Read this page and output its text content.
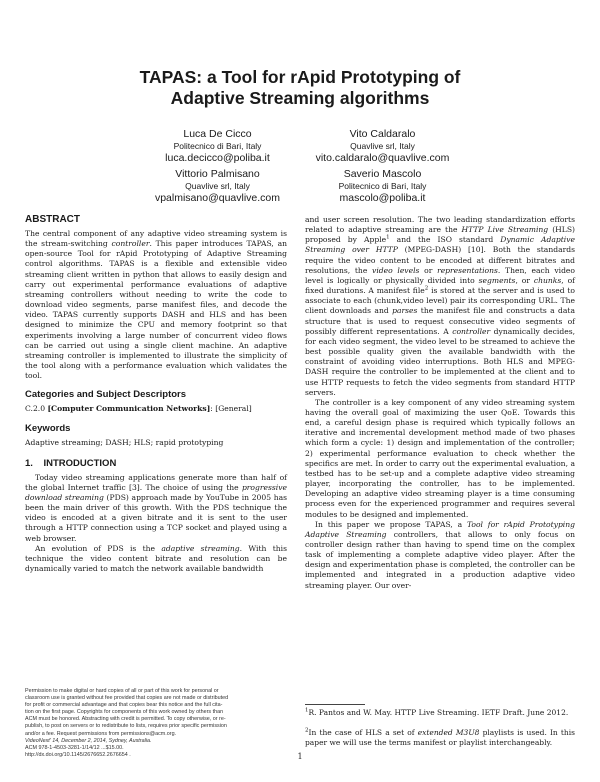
TAPAS: a Tool for rApid Prototyping of
Adaptive Streaming algorithms
Luca De Cicco
Politecnico di Bari, Italy
luca.decicco@poliba.it
Vito Caldaralo
Quavlive srl, Italy
vito.caldaralo@quavlive.com
Vittorio Palmisano
Quavlive srl, Italy
vpalmisano@quavlive.com
Saverio Mascolo
Politecnico di Bari, Italy
mascolo@poliba.it
ABSTRACT

The central component of any adaptive video streaming system is the stream-switching controller. This paper introduces TAPAS, an open-source Tool for rApid Prototyping of Adaptive Streaming control algorithms. TAPAS is a flexible and extensible video streaming client written in python that allows to easily design and carry out experimental performance evaluations of adaptive streaming controllers without needing to write the code to download video segments, parse manifest files, and decode the video. TAPAS currently supports DASH and HLS and has been designed to minimize the CPU and memory footprint so that experiments involving a large number of concurrent video flows can be carried out using a single client machine. An adaptive streaming controller is implemented to illustrate the simplicity of the tool along with a performance evaluation which validates the tool.

Categories and Subject Descriptors

C.2.0 [Computer Communication Networks]: [General]

Keywords

Adaptive streaming; DASH; HLS; rapid prototyping

1.    INTRODUCTION

Today video streaming applications generate more than half of the global Internet traffic [3]. The choice of using the progressive download streaming (PDS) approach made by YouTube in 2005 has been the main driver of this growth. With the PDS technique the video is encoded at a given bitrate and it is sent to the user through a HTTP connection using a TCP socket and played using a web browser.

An evolution of PDS is the adaptive streaming. With this technique the video content bitrate and resolution can be dynamically varied to match the network available bandwidth

Permission to make digital or hard copies of all or part of this work for personal or
classroom use is granted without fee provided that copies are not made or distributed
for profit or commercial advantage and that copies bear this notice and the full cita-
tion on the first page. Copyrights for components of this work owned by others than
ACM must be honored. Abstracting with credit is permitted. To copy otherwise, or re-
publish, to post on servers or to redistribute to lists, requires prior specific permission
and/or a fee. Request permissions from permissions@acm.org.
VideoNext' 14, December 2, 2014, Sydney, Australia.
ACM 978-1-4503-3281-1/14/12 ...$15.00.
http://dx.doi.org/10.1145/2676652.2676654 .

and user screen resolution. The two leading standardization efforts related to adaptive streaming are the HTTP Live Streaming (HLS) proposed by Apple$^1$ and the ISO standard Dynamic Adaptive Streaming over HTTP (MPEG-DASH) [10]. Both the standards require the video content to be encoded at different bitrates and resolutions, the video levels or representations. Then, each video level is logically or physically divided into segments, or chunks, of fixed durations. A manifest file$^2$ is stored at the server and is used to associate to each (chunk,video level) pair its corresponding URL. The client downloads and parses the manifest file and constructs a data structure that is used to request consecutive video segments of possibly different representations. A controller dynamically decides, for each video segment, the video level to be streamed to achieve the best possible quality given the available bandwidth with the constraint of avoiding video interruptions. Both HLS and MPEG-DASH require the controller to be implemented at the client and to use HTTP requests to fetch the video segments from standard HTTP servers.

The controller is a key component of any video streaming system having the overall goal of maximizing the user QoE. Towards this end, a careful design phase is required which typically follows an iterative and incremental development method made of two phases which form a cycle: 1) design and implementation of the controller; 2) experimental performance evaluation to check whether the specifics are met. In order to carry out the experimental evaluation, a testbed has to be set-up and a complete adaptive video streaming player, incorporating the controller, has to be implemented. Developing an adaptive video streaming player is a time consuming process even for the experienced programmer and requires several modules to be designed and implemented.

In this paper we propose TAPAS, a Tool for rApid Prototyping Adaptive Streaming controllers, that allows to only focus on controller design rather than having to spend time on the complex task of implementing a complete adaptive video player. After the design and experimentation phase is completed, the controller can be implemented and integrated in a production adaptive video streaming player. Our over-

$^1$R. Pantos and W. May. HTTP Live Streaming. IETF Draft. June 2012.
$^2$In the case of HLS a set of extended M3U8 playlists is used. In this paper we will use the terms manifest or playlist interchangeably.
1
